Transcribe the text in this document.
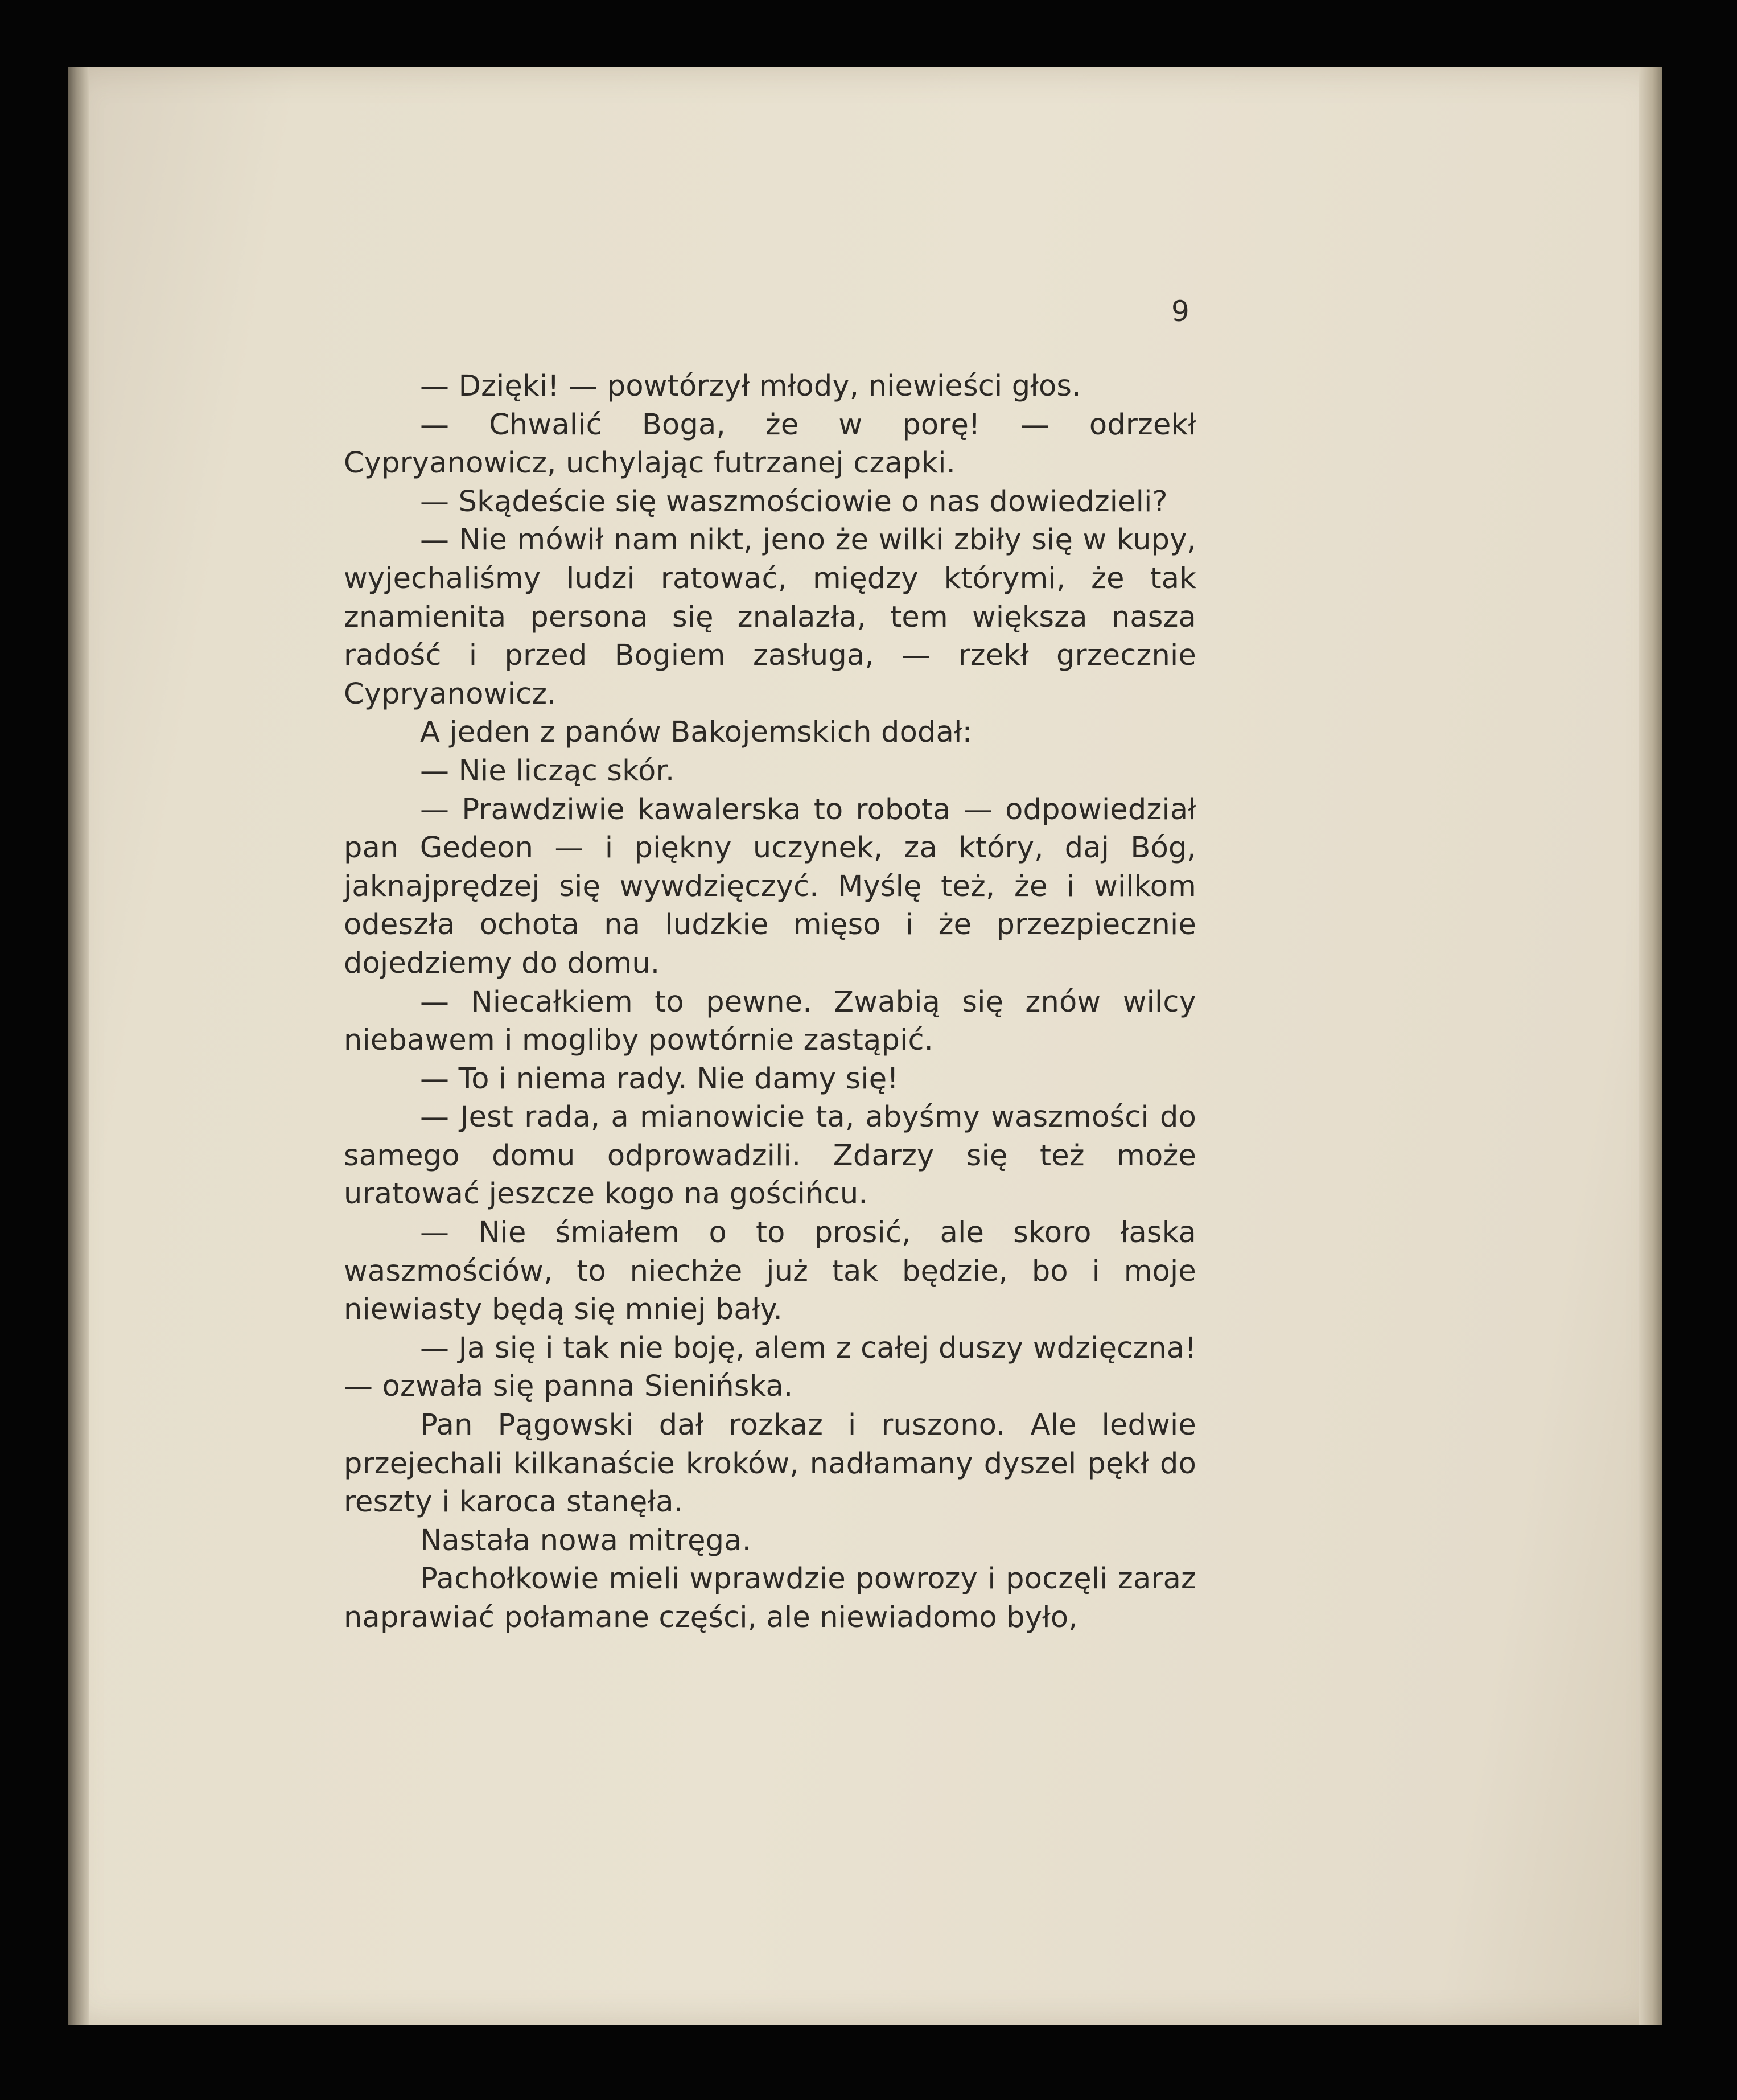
9

— Dzięki! — powtórzył młody, niewieści głos.

— Chwalić Boga, że w porę! — odrzekł Cypryanowicz, uchylając futrzanej czapki.

— Skądeście się waszmościowie o nas dowiedzieli?

— Nie mówił nam nikt, jeno że wilki zbiły się w kupy, wyjechaliśmy ludzi ratować, między którymi, że tak znamienita persona się znalazła, tem większa nasza radość i przed Bogiem zasługa, — rzekł grzecznie Cypryanowicz.

A jeden z panów Bakojemskich dodał:

— Nie licząc skór.

— Prawdziwie kawalerska to robota — odpowiedział pan Gedeon — i piękny uczynek, za który, daj Bóg, jaknajprędzej się wywdzięczyć. Myślę też, że i wilkom odeszła ochota na ludzkie mięso i że przezpiecznie dojedziemy do domu.

— Niecałkiem to pewne. Zwabią się znów wilcy niebawem i mogliby powtórnie zastąpić.

— To i niema rady. Nie damy się!

— Jest rada, a mianowicie ta, abyśmy waszmości do samego domu odprowadzili. Zdarzy się też może uratować jeszcze kogo na gościńcu.

— Nie śmiałem o to prosić, ale skoro łaska waszmościów, to niechże już tak będzie, bo i moje niewiasty będą się mniej bały.

— Ja się i tak nie boję, alem z całej duszy wdzięczna! — ozwała się panna Sienińska.

Pan Pągowski dał rozkaz i ruszono. Ale ledwie przejechali kilkanaście kroków, nadłamany dyszel pękł do reszty i karoca stanęła.

Nastała nowa mitręga.

Pachołkowie mieli wprawdzie powrozy i poczęli zaraz naprawiać połamane części, ale niewiadomo było,
